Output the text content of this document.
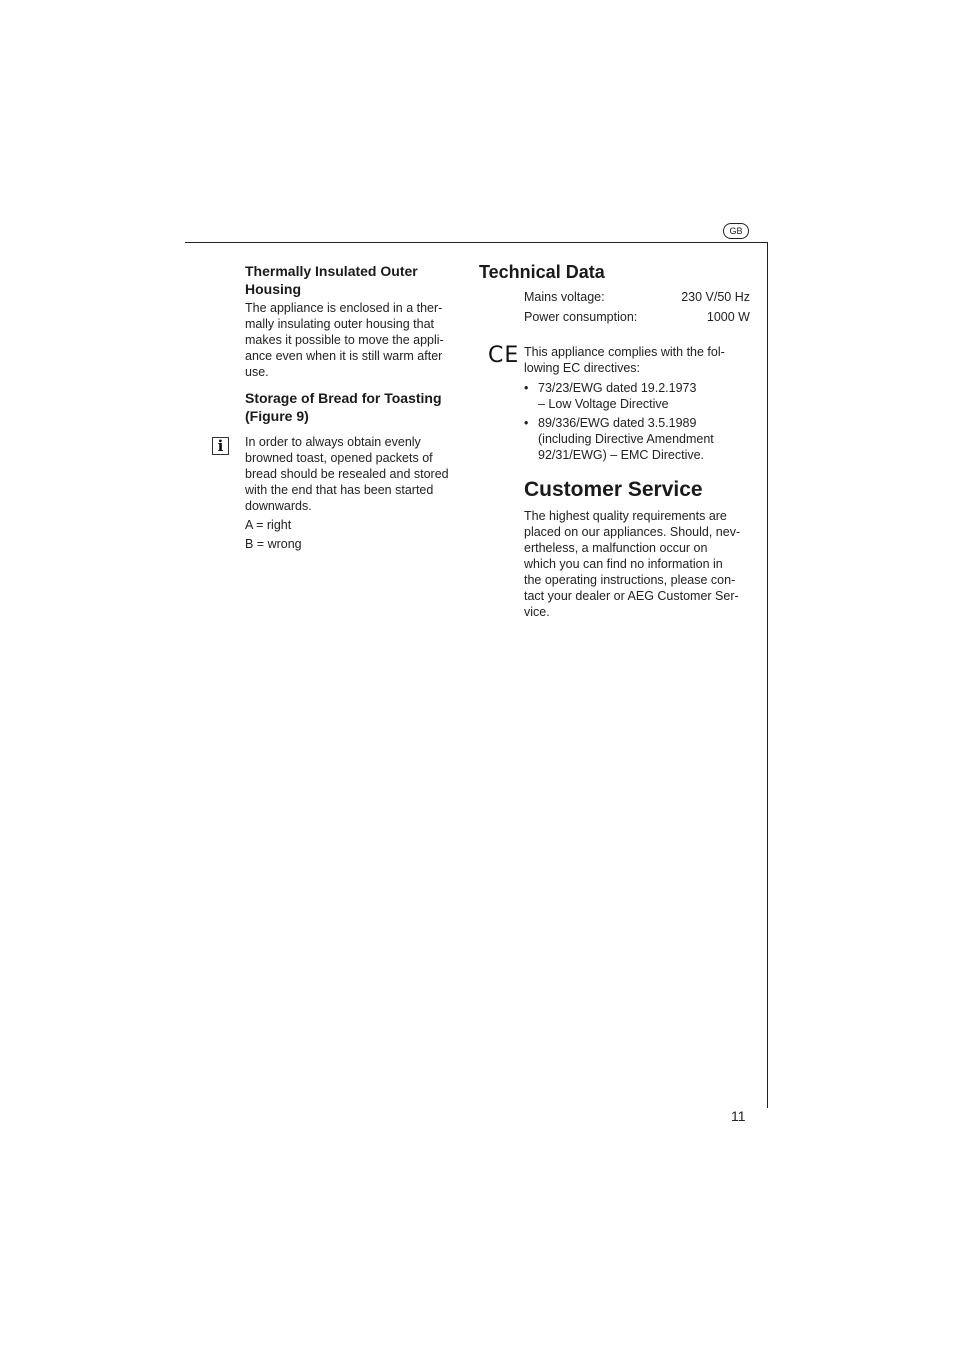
GB
Thermally Insulated Outer
Housing
The appliance is enclosed in a ther-
mally insulating outer housing that
makes it possible to move the appli-
ance even when it is still warm after
use.
Storage of Bread for Toasting
(Figure 9)
i	In order to always obtain evenly
browned toast, opened packets of
bread should be resealed and stored
with the end that has been started
downwards.
A = right
B = wrong
Technical Data
Mains voltage:	230 V/50 Hz
Power consumption:	1000 W
CE This appliance complies with the fol-
lowing EC directives:
• 73/23/EWG dated 19.2.1973
– Low Voltage Directive
• 89/336/EWG dated 3.5.1989
(including Directive Amendment
92/31/EWG) – EMC Directive.
Customer Service
The highest quality requirements are
placed on our appliances. Should, nev-
ertheless, a malfunction occur on
which you can find no information in
the operating instructions, please con-
tact your dealer or AEG Customer Ser-
vice.
11
